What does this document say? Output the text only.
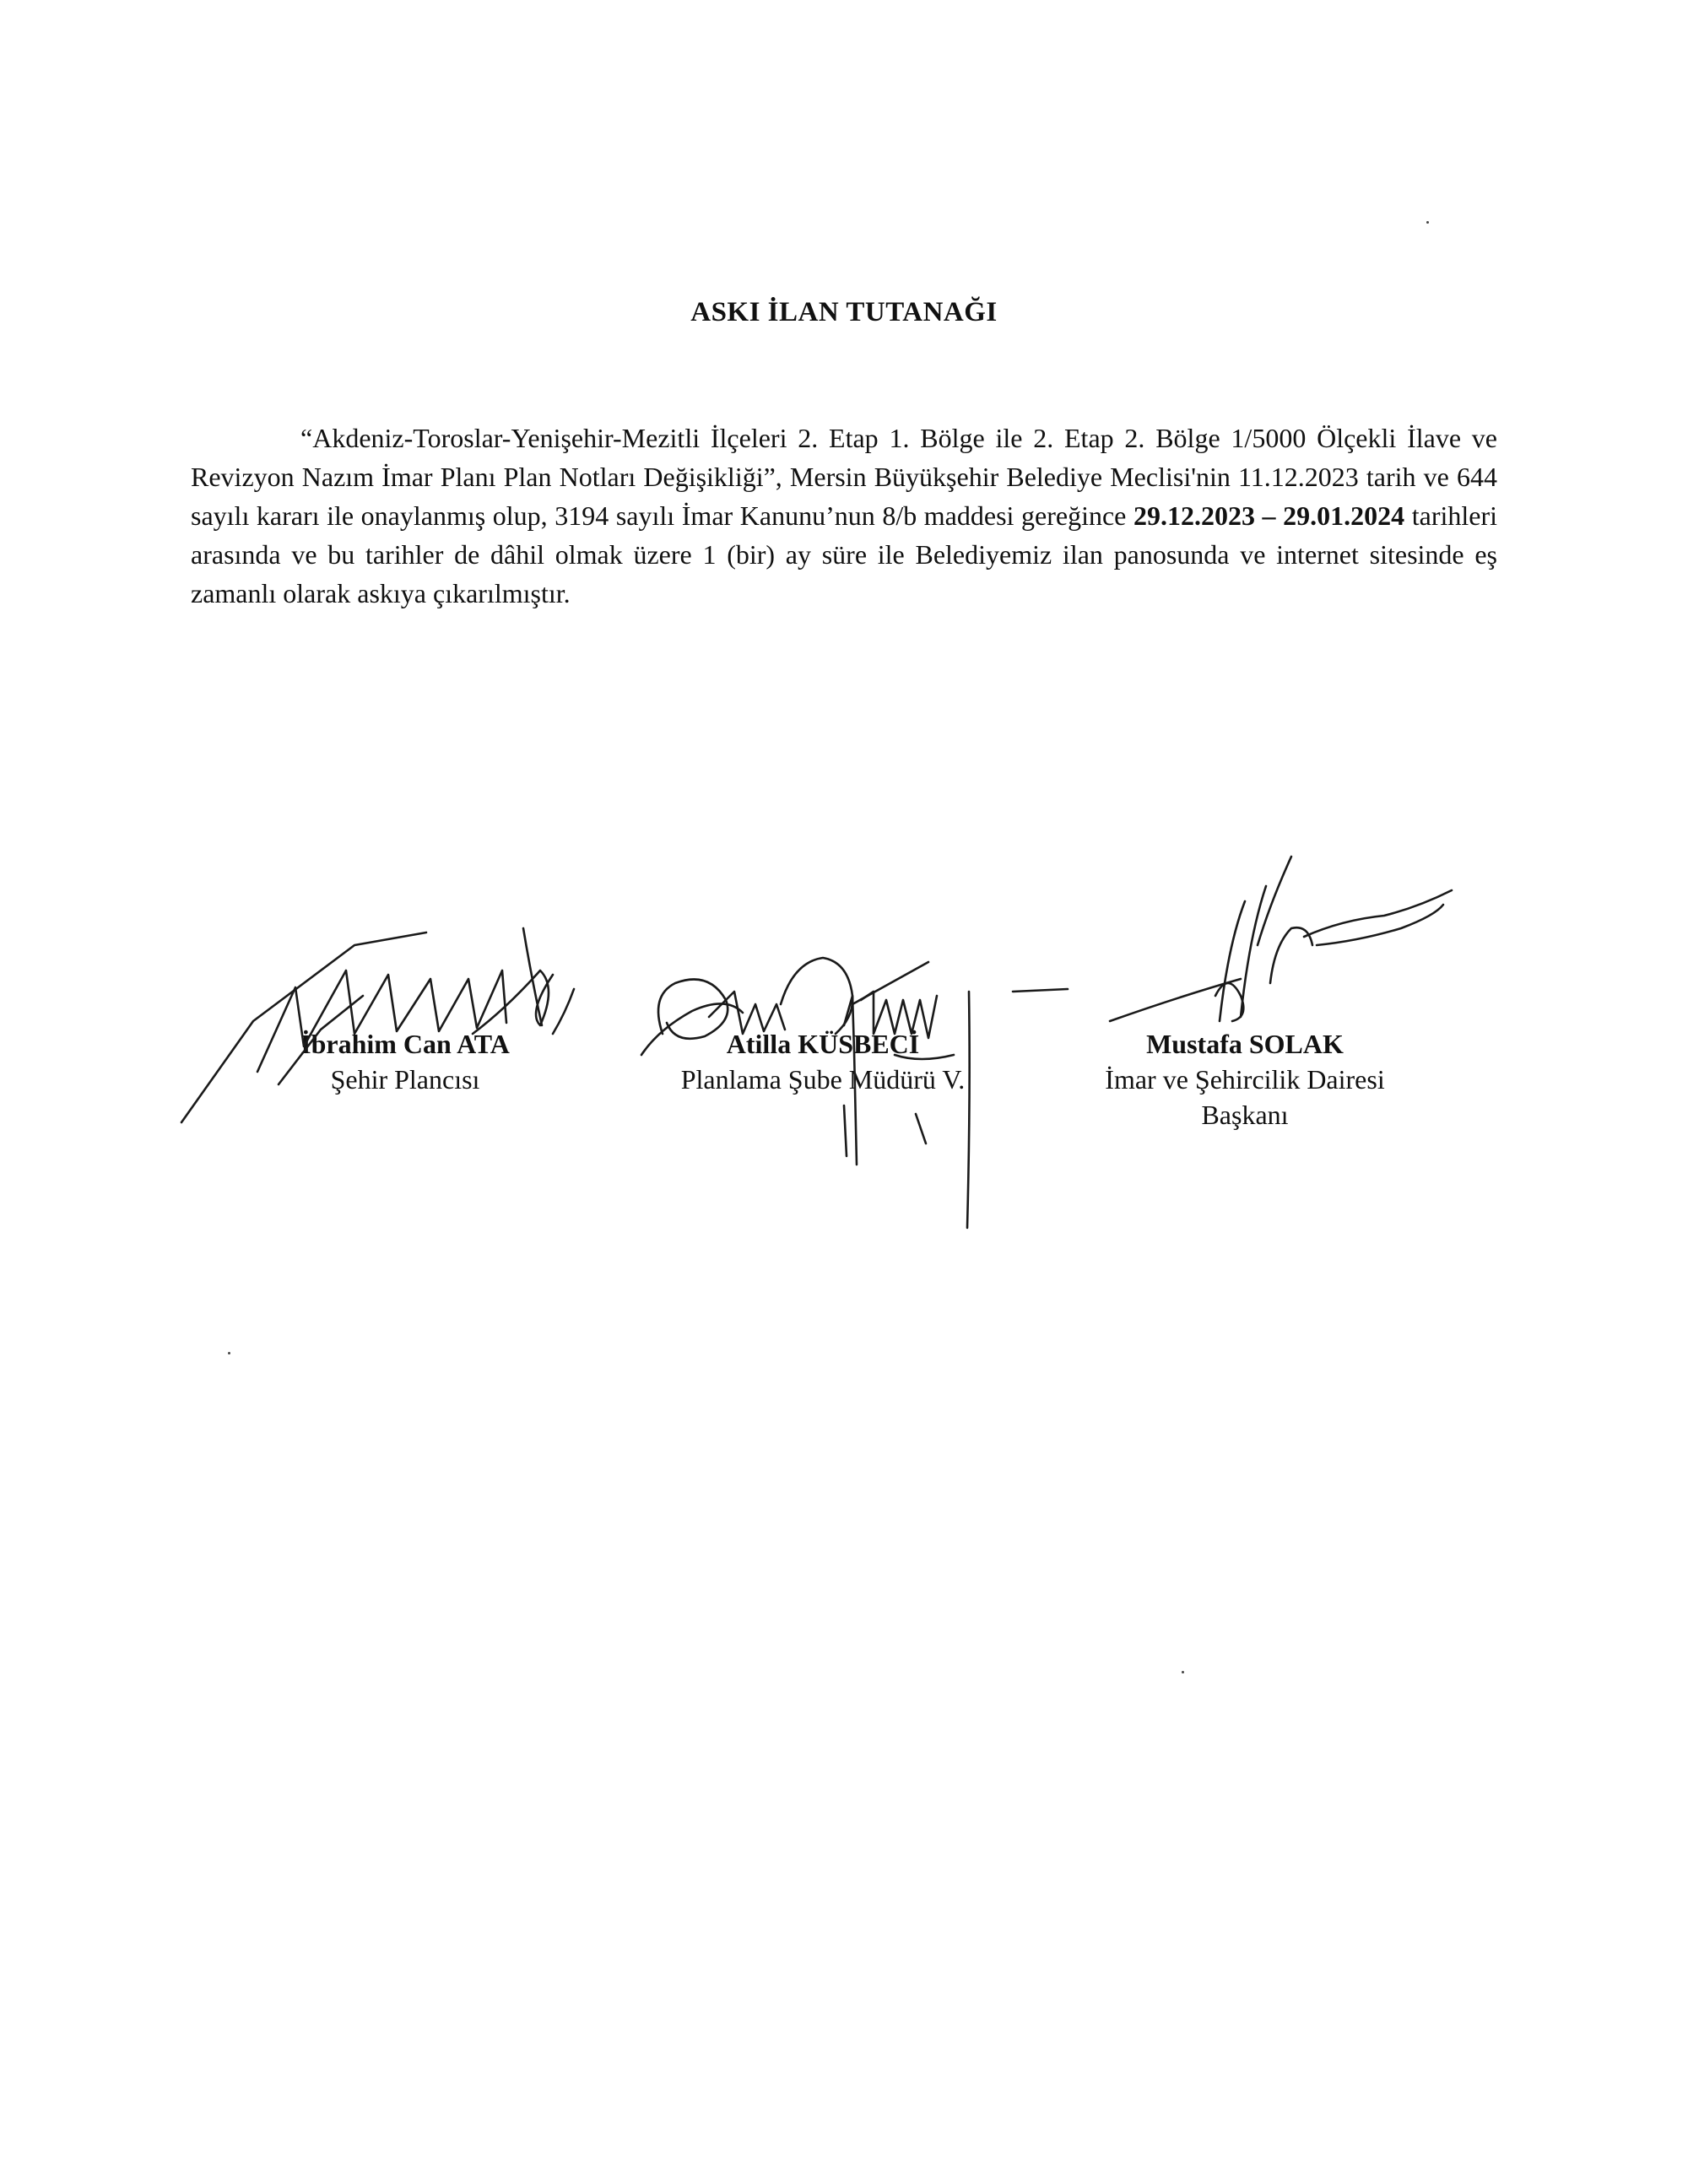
ASKI İLAN TUTANAĞI
“Akdeniz-Toroslar-Yenişehir-Mezitli İlçeleri 2. Etap 1. Bölge ile 2. Etap 2. Bölge 1/5000 Ölçekli İlave ve Revizyon Nazım İmar Planı Plan Notları Değişikliği”, Mersin Büyükşehir Belediye Meclisi'nin 11.12.2023 tarih ve 644 sayılı kararı ile onaylanmış olup, 3194 sayılı İmar Kanunu’nun 8/b maddesi gereğince 29.12.2023 – 29.01.2024 tarihleri arasında ve bu tarihler de dâhil olmak üzere 1 (bir) ay süre ile Belediyemiz ilan panosunda ve internet sitesinde eş zamanlı olarak askıya çıkarılmıştır.
İbrahim Can ATA
Şehir Plancısı
Atilla KÜSBECİ
Planlama Şube Müdürü V.
Mustafa SOLAK
İmar ve Şehircilik Dairesi
Başkanı
